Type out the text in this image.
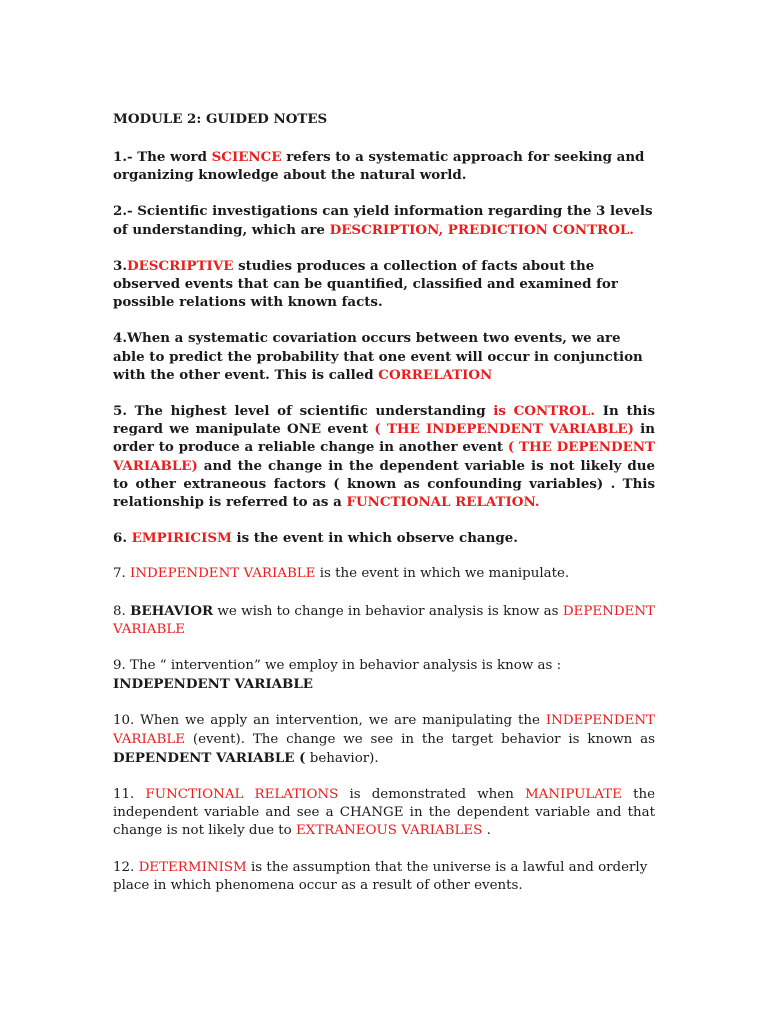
MODULE 2: GUIDED NOTES
1.- The word SCIENCE refers to a systematic approach for seeking and organizing knowledge about the natural world.
2.- Scientific investigations can yield information regarding the 3 levels of understanding, which are DESCRIPTION, PREDICTION CONTROL.
3.DESCRIPTIVE studies produces a collection of facts about the observed events that can be quantified, classified and examined for possible relations with known facts.
4.When a systematic covariation occurs between two events, we are able to predict the probability that one event will occur in conjunction with the other event. This is called CORRELATION
5. The highest level of scientific understanding is CONTROL. In this regard we manipulate ONE event ( THE INDEPENDENT VARIABLE) in order to produce a reliable change in another event ( THE DEPENDENT VARIABLE) and the change in the dependent variable is not likely due to other extraneous factors ( known as confounding variables) . This relationship is referred to as a FUNCTIONAL RELATION.
6. EMPIRICISM is the event in which observe change.
7. INDEPENDENT VARIABLE is the event in which we manipulate.
8. BEHAVIOR we wish to change in behavior analysis is know as DEPENDENT VARIABLE
9. The “ intervention” we employ in behavior analysis is know as : INDEPENDENT VARIABLE
10. When we apply an intervention, we are manipulating the INDEPENDENT VARIABLE (event). The change we see in the target behavior is known as DEPENDENT VARIABLE ( behavior).
11. FUNCTIONAL RELATIONS is demonstrated when MANIPULATE the independent variable and see a CHANGE in the dependent variable and that change is not likely due to EXTRANEOUS VARIABLES .
12. DETERMINISM is the assumption that the universe is a lawful and orderly place in which phenomena occur as a result of other events.
